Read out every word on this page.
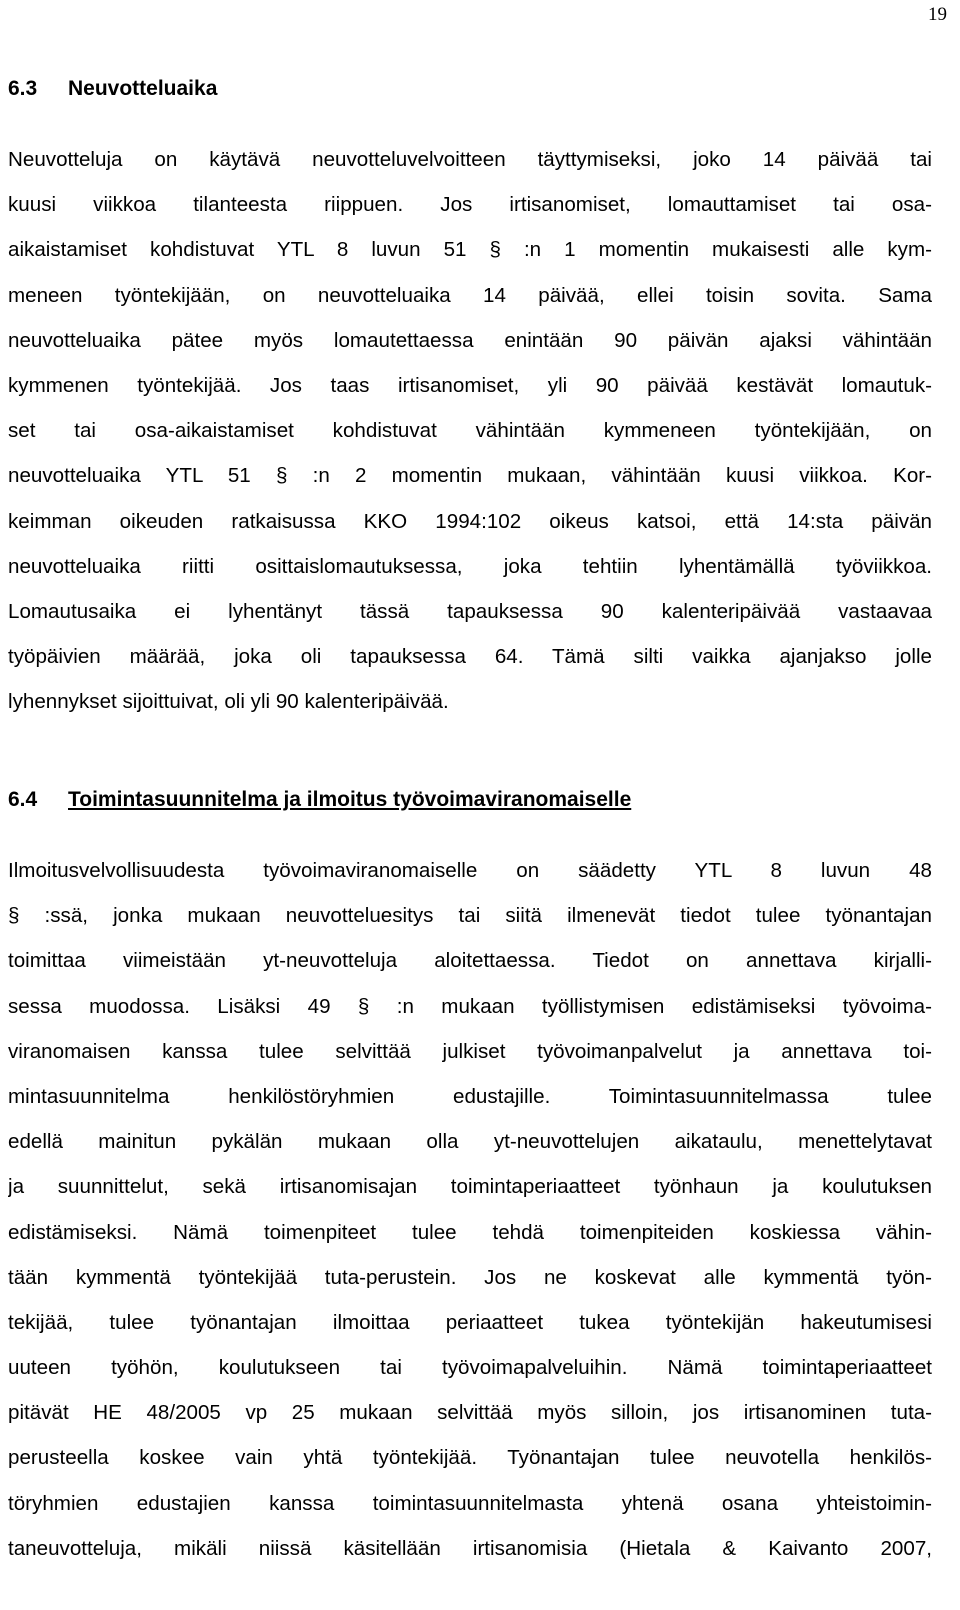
19
6.3 Neuvotteluaika
Neuvotteluja on käytävä neuvotteluvelvoitteen täyttymiseksi, joko 14 päivää tai
kuusi viikkoa tilanteesta riippuen. Jos irtisanomiset, lomauttamiset tai osa-
aikaistamiset kohdistuvat YTL 8 luvun 51 § :n 1 momentin mukaisesti alle kym-
meneen työntekijään, on neuvotteluaika 14 päivää, ellei toisin sovita. Sama
neuvotteluaika pätee myös lomautettaessa enintään 90 päivän ajaksi vähintään
kymmenen työntekijää. Jos taas irtisanomiset, yli 90 päivää kestävät lomautuk-
set tai osa-aikaistamiset kohdistuvat vähintään kymmeneen työntekijään, on
neuvotteluaika YTL 51 § :n 2 momentin mukaan, vähintään kuusi viikkoa. Kor-
keimman oikeuden ratkaisussa KKO 1994:102 oikeus katsoi, että 14:sta päivän
neuvotteluaika riitti osittaislomautuksessa, joka tehtiin lyhentämällä työviikkoa.
Lomautusaika ei lyhentänyt tässä tapauksessa 90 kalenteripäivää vastaavaa
työpäivien määrää, joka oli tapauksessa 64. Tämä silti vaikka ajanjakso jolle
lyhennykset sijoittuivat, oli yli 90 kalenteripäivää.
6.4 Toimintasuunnitelma ja ilmoitus työvoimaviranomaiselle
Ilmoitusvelvollisuudesta työvoimaviranomaiselle on säädetty YTL 8 luvun 48
§ :ssä, jonka mukaan neuvotteluesitys tai siitä ilmenevät tiedot tulee työnantajan
toimittaa viimeistään yt-neuvotteluja aloitettaessa. Tiedot on annettava kirjalli-
sessa muodossa. Lisäksi 49 § :n mukaan työllistymisen edistämiseksi työvoima-
viranomaisen kanssa tulee selvittää julkiset työvoimanpalvelut ja annettava toi-
mintasuunnitelma henkilöstöryhmien edustajille. Toimintasuunnitelmassa tulee
edellä mainitun pykälän mukaan olla yt-neuvottelujen aikataulu, menettelytavat
ja suunnittelut, sekä irtisanomisajan toimintaperiaatteet työnhaun ja koulutuksen
edistämiseksi. Nämä toimenpiteet tulee tehdä toimenpiteiden koskiessa vähin-
tään kymmentä työntekijää tuta-perustein. Jos ne koskevat alle kymmentä työn-
tekijää, tulee työnantajan ilmoittaa periaatteet tukea työntekijän hakeutumisesi
uuteen työhön, koulutukseen tai työvoimapalveluihin. Nämä toimintaperiaatteet
pitävät HE 48/2005 vp 25 mukaan selvittää myös silloin, jos irtisanominen tuta-
perusteella koskee vain yhtä työntekijää. Työnantajan tulee neuvotella henkilös-
töryhmien edustajien kanssa toimintasuunnitelmasta yhtenä osana yhteistoimin-
taneuvotteluja, mikäli niissä käsitellään irtisanomisia (Hietala & Kaivanto 2007,
